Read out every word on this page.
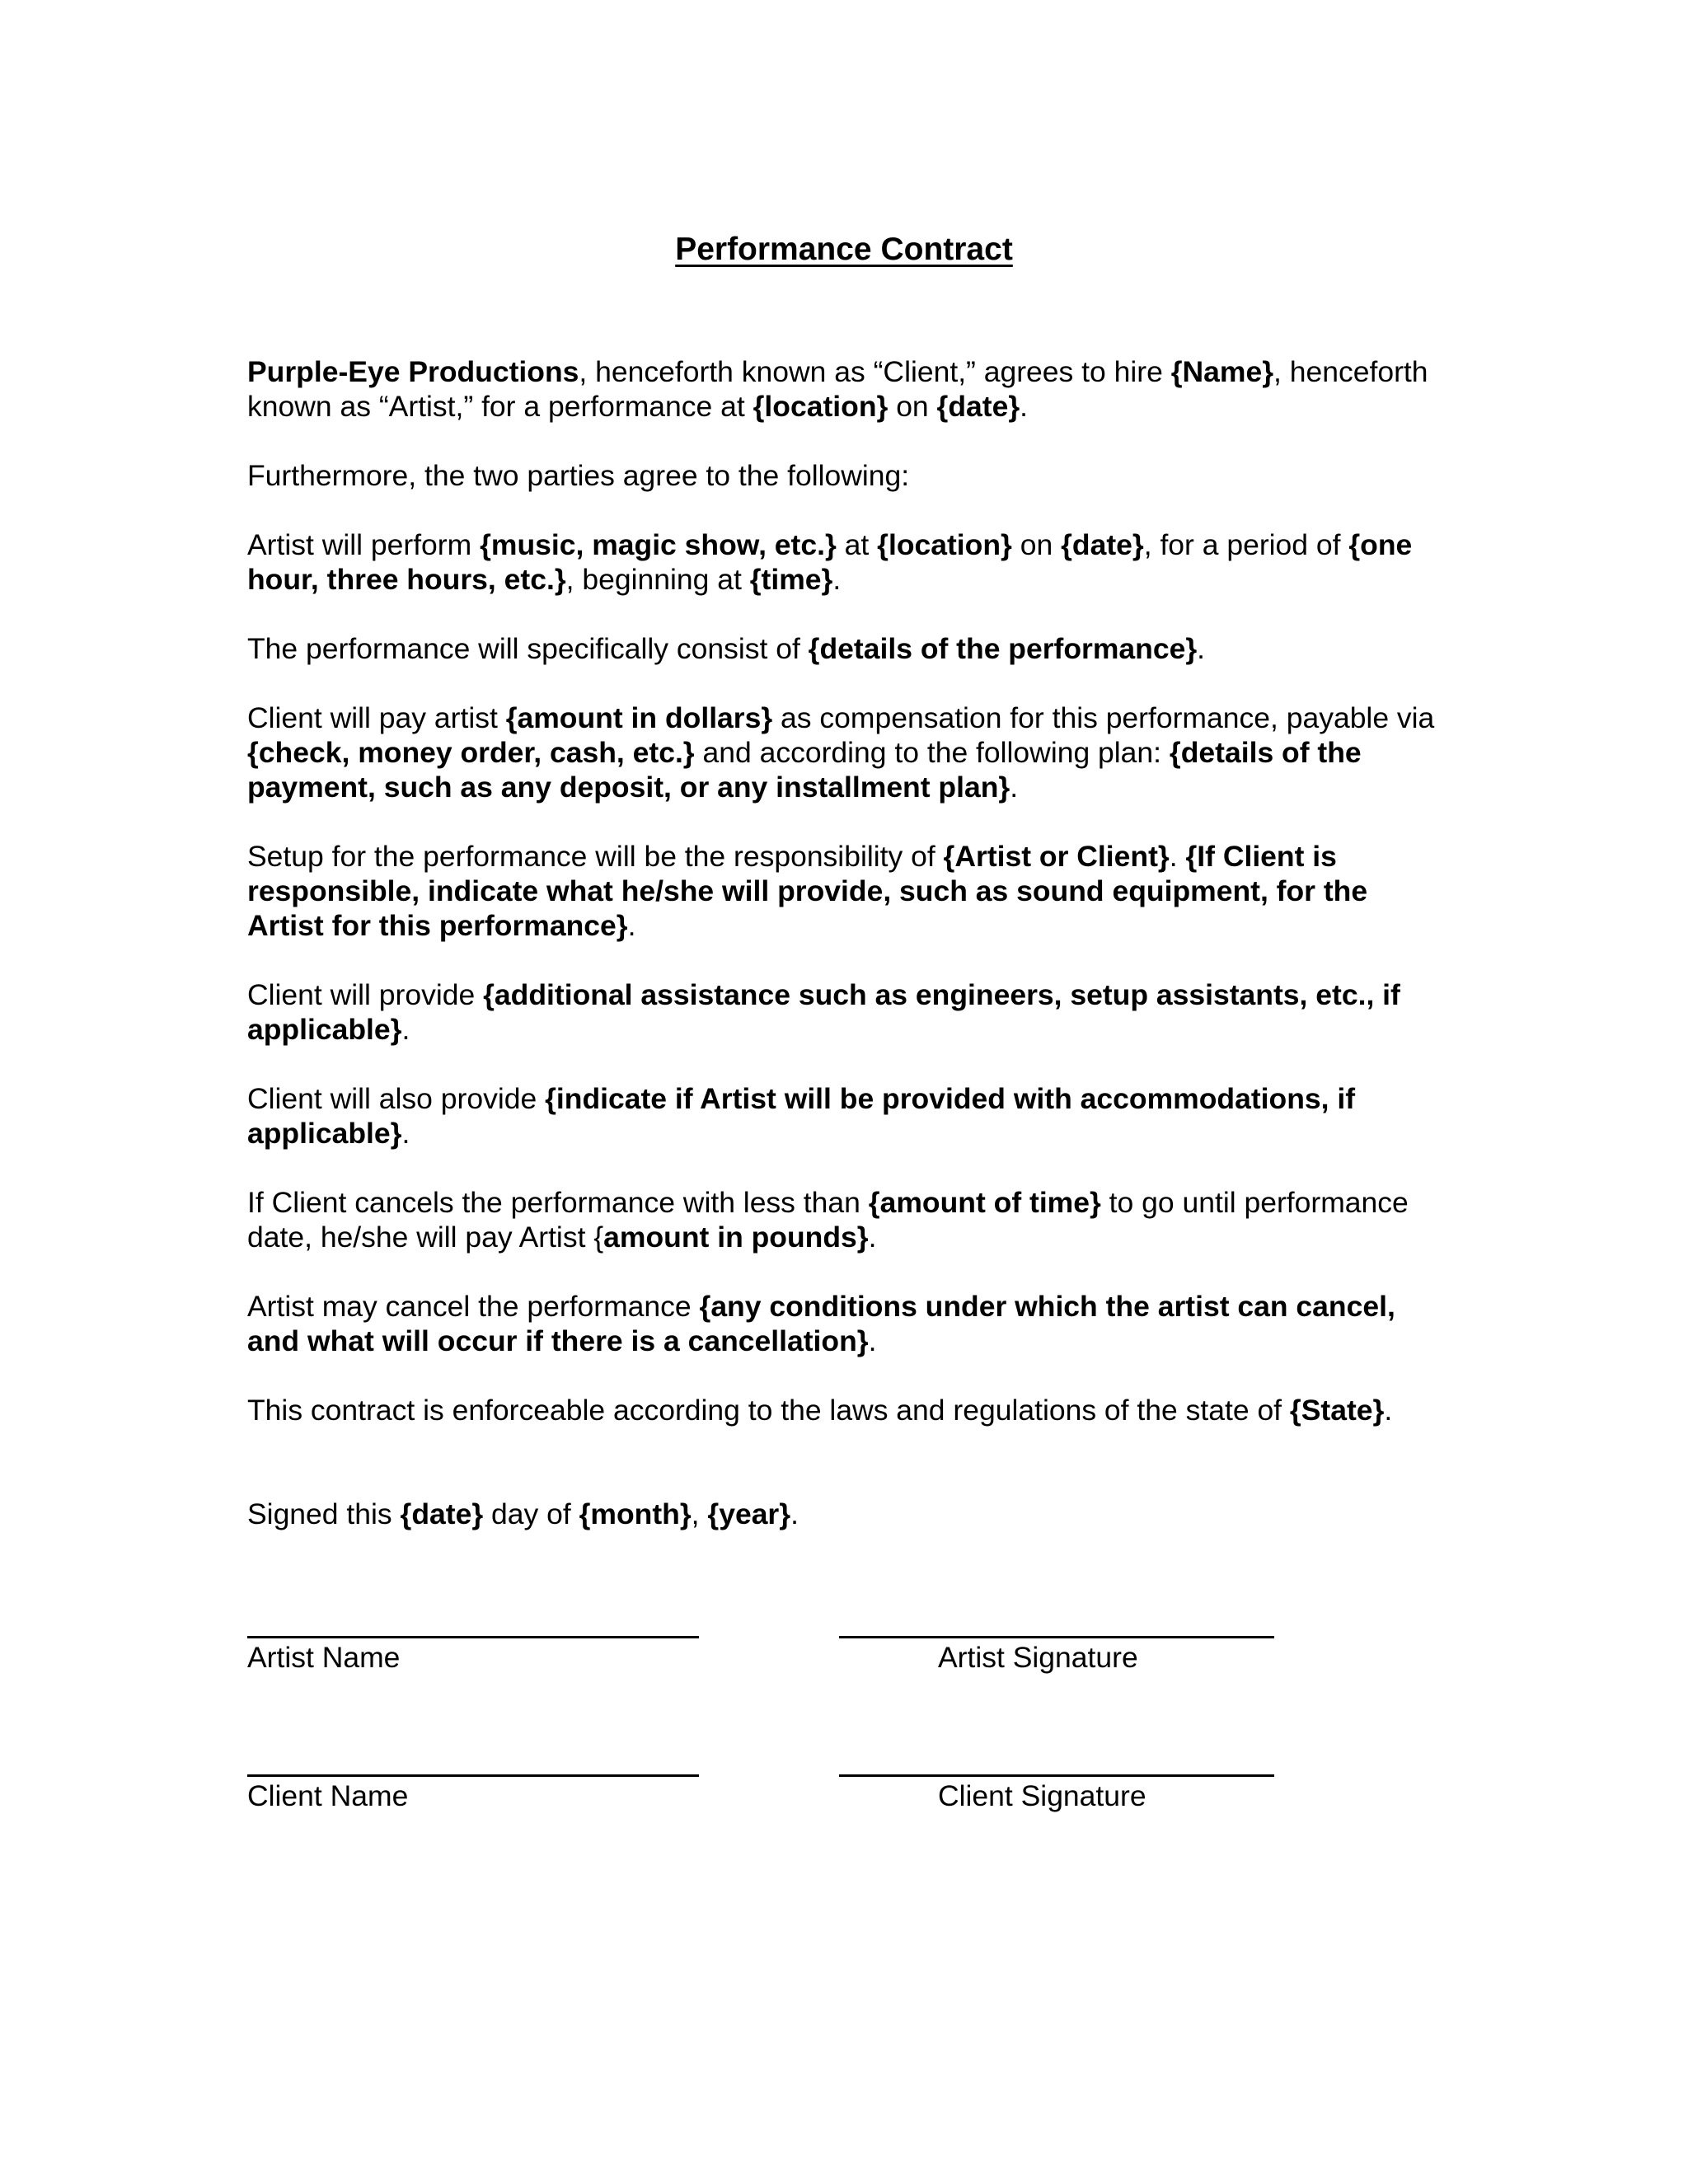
Performance Contract

Purple-Eye Productions, henceforth known as “Client,” agrees to hire {Name}, henceforth known as “Artist,” for a performance at {location} on {date}.

Furthermore, the two parties agree to the following:

Artist will perform {music, magic show, etc.} at {location} on {date}, for a period of {one hour, three hours, etc.}, beginning at {time}.

The performance will specifically consist of {details of the performance}.

Client will pay artist {amount in dollars} as compensation for this performance, payable via {check, money order, cash, etc.} and according to the following plan: {details of the payment, such as any deposit, or any installment plan}.

Setup for the performance will be the responsibility of {Artist or Client}. {If Client is responsible, indicate what he/she will provide, such as sound equipment, for the Artist for this performance}.

Client will provide {additional assistance such as engineers, setup assistants, etc., if applicable}.

Client will also provide {indicate if Artist will be provided with accommodations, if applicable}.

If Client cancels the performance with less than {amount of time} to go until performance date, he/she will pay Artist {amount in pounds}.

Artist may cancel the performance {any conditions under which the artist can cancel, and what will occur if there is a cancellation}.

This contract is enforceable according to the laws and regulations of the state of {State}.

Signed this {date} day of {month}, {year}.

Artist Name	Artist Signature
Client Name	Client Signature
